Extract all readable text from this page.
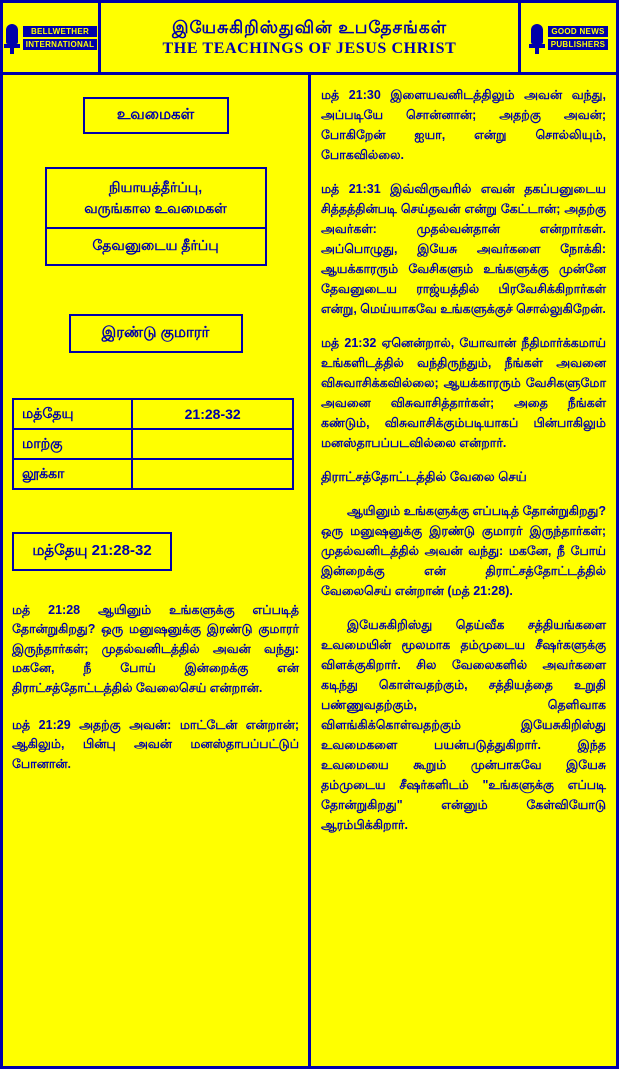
BELLWETHER
INTERNATIONAL
இயேசுகிறிஸ்துவின் உபதேசங்கள்
THE TEACHINGS OF JESUS CHRIST
GOOD NEWS
PUBLISHERS
உவமைகள்
நியாயத்தீர்ப்பு,
வருங்கால உவமைகள்
தேவனுடைய தீர்ப்பு
இரண்டு குமாரர்
மத்தேயு	21:28-32
மாற்கு	
லூக்கா	
மத்தேயு 21:28-32
மத் 21:28 ஆயினும் உங்களுக்கு எப்படித் தோன்றுகிறது? ஒரு மனுஷனுக்கு இரண்டு குமாரர் இருந்தார்கள்; முதல்வனிடத்தில் அவன் வந்து: மகனே, நீ போய் இன்றைக்கு என் திராட்சத்தோட்டத்தில் வேலைசெய் என்றான்.
மத் 21:29 அதற்கு அவன்: மாட்டேன் என்றான்; ஆகிலும், பின்பு அவன் மனஸ்தாபப்பட்டுப் போனான்.
மத் 21:30 இளையவனிடத்திலும் அவன் வந்து, அப்படியே சொன்னான்; அதற்கு அவன்; போகிறேன் ஐயா, என்று சொல்லியும், போகவில்லை.
மத் 21:31 இவ்விருவரில் எவன் தகப்பனுடைய சித்தத்தின்படி செய்தவன் என்று கேட்டான்; அதற்கு அவர்கள்: முதல்வன்தான் என்றார்கள். அப்பொழுது, இயேசு அவர்களை நோக்கி: ஆயக்காரரும் வேசிகளும் உங்களுக்கு முன்னே தேவனுடைய ராஜ்யத்தில் பிரவேசிக்கிறார்கள் என்று, மெய்யாகவே உங்களுக்குச் சொல்லுகிறேன்.
மத் 21:32 ஏனென்றால், யோவான் நீதிமார்க்கமாய் உங்களிடத்தில் வந்திருந்தும், நீங்கள் அவனை விசுவாசிக்கவில்லை; ஆயக்காரரும் வேசிகளுமோ அவனை விசுவாசித்தார்கள்; அதை நீங்கள் கண்டும், விசுவாசிக்கும்படியாகப் பின்பாகிலும் மனஸ்தாபப்படவில்லை என்றார்.
திராட்சத்தோட்டத்தில் வேலை செய்
ஆயினும் உங்களுக்கு எப்படித் தோன்றுகிறது? ஒரு மனுஷனுக்கு இரண்டு குமாரர் இருந்தார்கள்; முதல்வனிடத்தில் அவன் வந்து: மகனே, நீ போய் இன்றைக்கு என் திராட்சத்தோட்டத்தில் வேலைசெய் என்றான் (மத் 21:28).
இயேசுகிறிஸ்து தெய்வீக சத்தியங்களை உவமையின் மூலமாக தம்முடைய சீஷர்களுக்கு விளக்குகிறார். சில வேலைகளில் அவர்களை கடிந்து கொள்வதற்கும், சத்தியத்தை உறுதி பண்ணுவதற்கும், தெளிவாக விளங்கிக்கொள்வதற்கும் இயேசுகிறிஸ்து உவமைகளை பயன்படுத்துகிறார். இந்த உவமையை கூறும் முன்பாகவே இயேசு தம்முடைய சீஷர்களிடம் "உங்களுக்கு எப்படி தோன்றுகிறது" என்னும் கேள்வியோடு ஆரம்பிக்கிறார்.
